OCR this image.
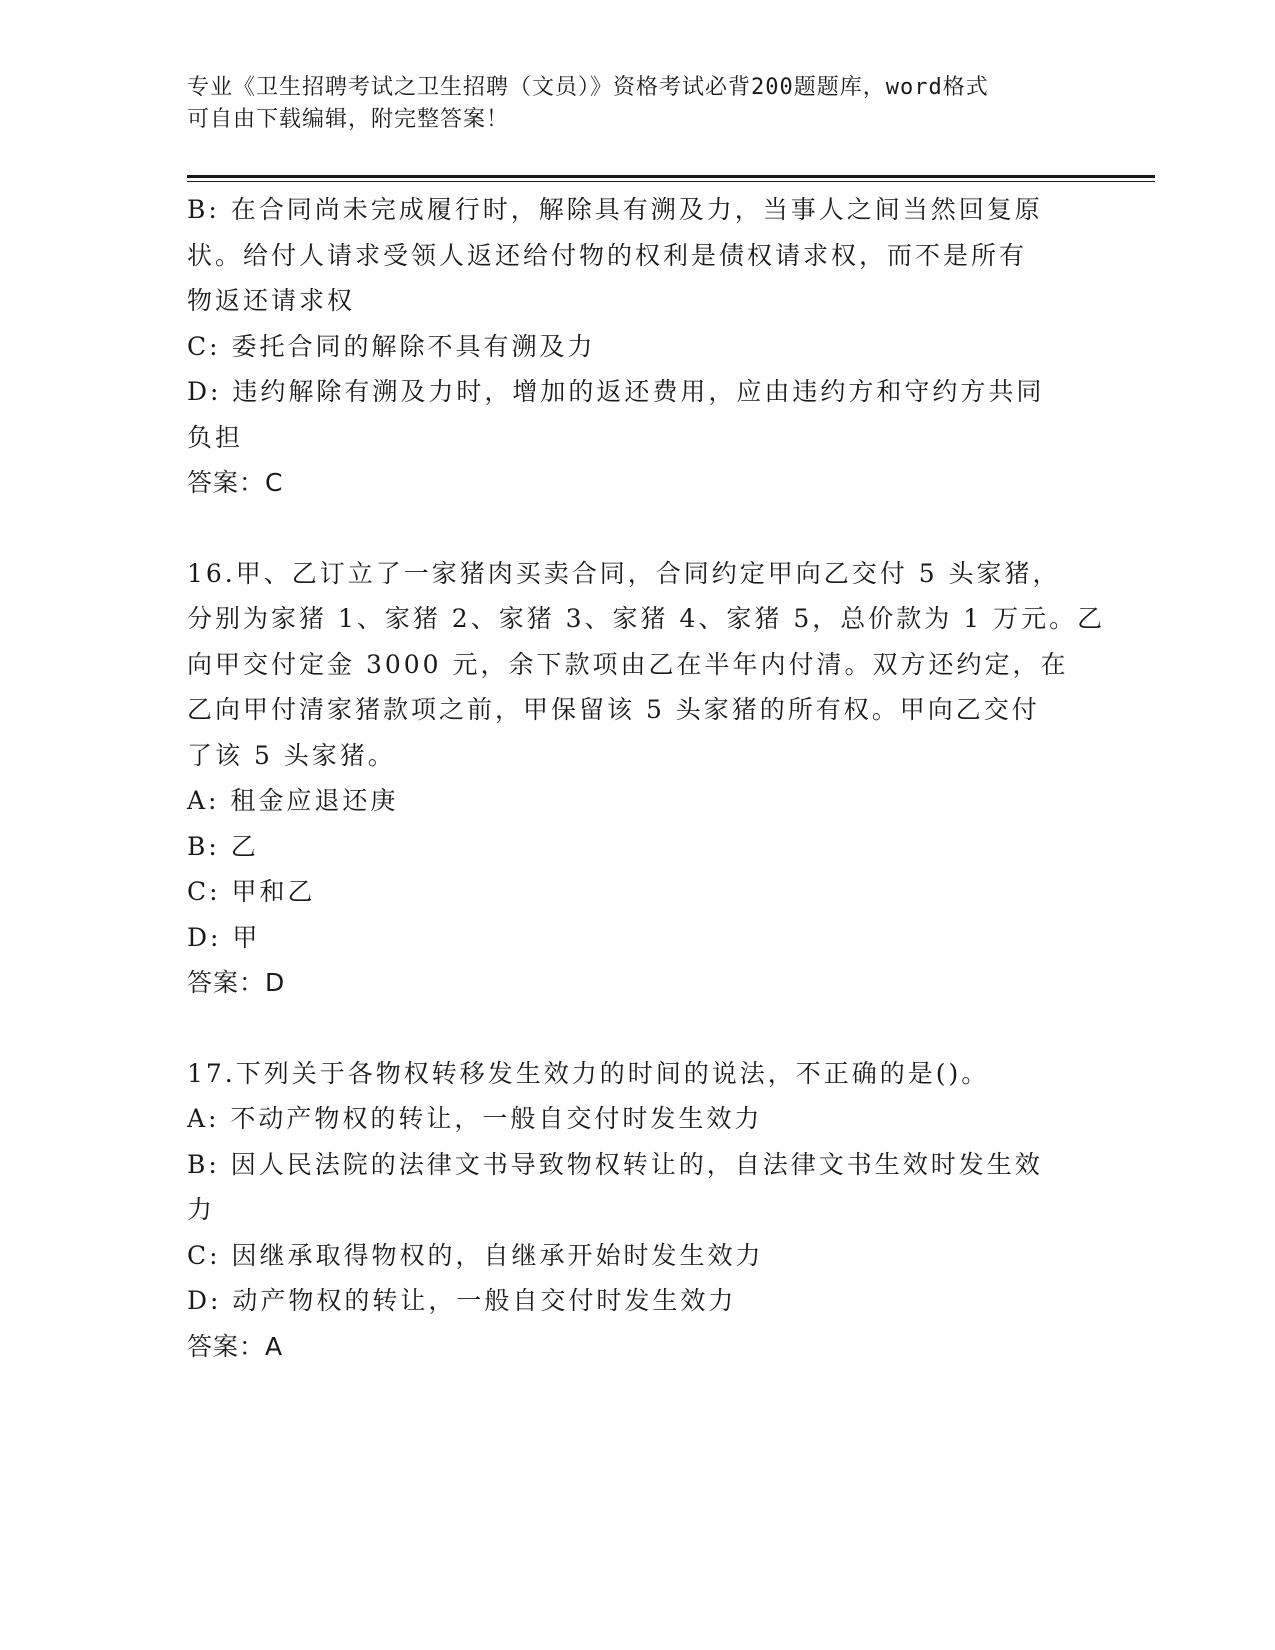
专业《卫生招聘考试之卫生招聘（文员）》资格考试必背200题题库，word格式
可自由下载编辑，附完整答案！

B: 在合同尚未完成履行时，解除具有溯及力，当事人之间当然回复原

状。给付人请求受领人返还给付物的权利是债权请求权，而不是所有

物返还请求权

C: 委托合同的解除不具有溯及力

D: 违约解除有溯及力时，增加的返还费用，应由违约方和守约方共同

负担

答案：C

16.甲、乙订立了一家猪肉买卖合同，合同约定甲向乙交付 5 头家猪，

分别为家猪 1、家猪 2、家猪 3、家猪 4、家猪 5，总价款为 1 万元。乙

向甲交付定金 3000 元，余下款项由乙在半年内付清。双方还约定，在

乙向甲付清家猪款项之前，甲保留该 5 头家猪的所有权。甲向乙交付

了该 5 头家猪。

A: 租金应退还庚

B: 乙

C: 甲和乙

D: 甲

答案：D

17.下列关于各物权转移发生效力的时间的说法，不正确的是()。

A: 不动产物权的转让，一般自交付时发生效力

B: 因人民法院的法律文书导致物权转让的，自法律文书生效时发生效

力

C: 因继承取得物权的，自继承开始时发生效力

D: 动产物权的转让，一般自交付时发生效力

答案：A
